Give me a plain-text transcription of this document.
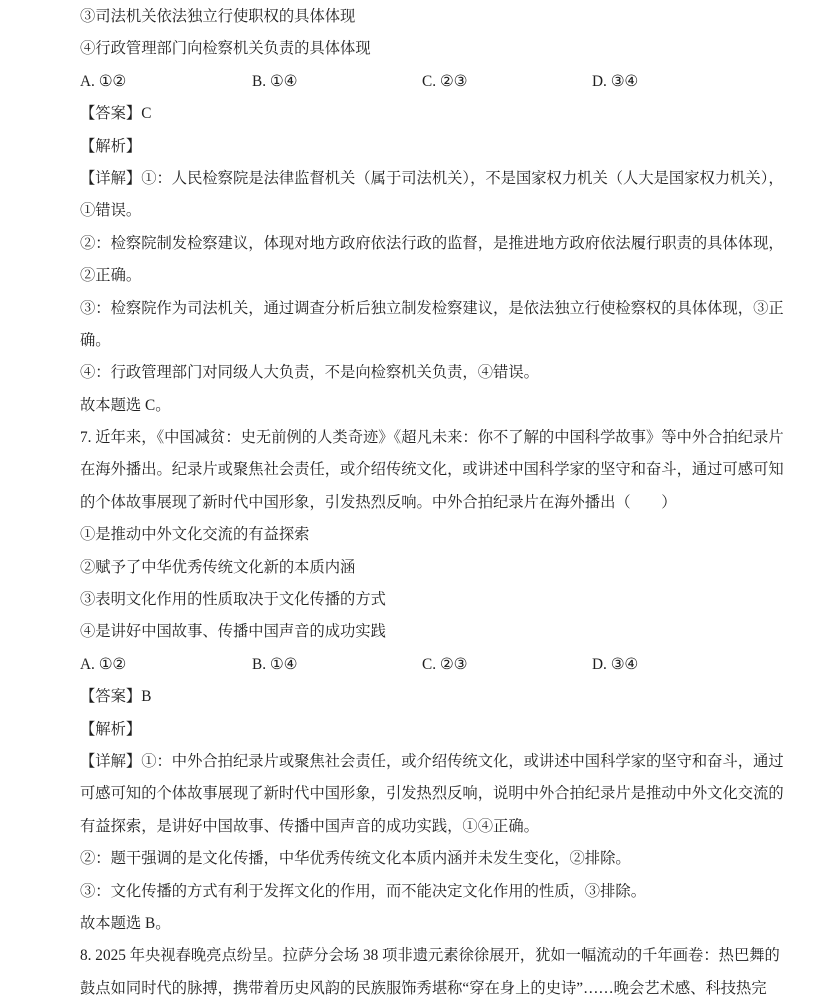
③司法机关依法独立行使职权的具体体现
④行政管理部门向检察机关负责的具体体现
A. ①②	B. ①④	C. ②③	D. ③④
【答案】C
【解析】
【详解】①：人民检察院是法律监督机关（属于司法机关），不是国家权力机关（人大是国家权力机关），
①错误。
②：检察院制发检察建议，体现对地方政府依法行政的监督，是推进地方政府依法履行职责的具体体现，
②正确。
③：检察院作为司法机关，通过调查分析后独立制发检察建议，是依法独立行使检察权的具体体现，③正
确。
④：行政管理部门对同级人大负责，不是向检察机关负责，④错误。
故本题选 C。
7. 近年来，《中国减贫：史无前例的人类奇迹》《超凡未来：你不了解的中国科学故事》等中外合拍纪录片
在海外播出。纪录片或聚焦社会责任，或介绍传统文化，或讲述中国科学家的坚守和奋斗，通过可感可知
的个体故事展现了新时代中国形象，引发热烈反响。中外合拍纪录片在海外播出（　　）
①是推动中外文化交流的有益探索
②赋予了中华优秀传统文化新的本质内涵
③表明文化作用的性质取决于文化传播的方式
④是讲好中国故事、传播中国声音的成功实践
A. ①②	B. ①④	C. ②③	D. ③④
【答案】B
【解析】
【详解】①：中外合拍纪录片或聚焦社会责任，或介绍传统文化，或讲述中国科学家的坚守和奋斗，通过
可感可知的个体故事展现了新时代中国形象，引发热烈反响，说明中外合拍纪录片是推动中外文化交流的
有益探索，是讲好中国故事、传播中国声音的成功实践，①④正确。
②：题干强调的是文化传播，中华优秀传统文化本质内涵并未发生变化，②排除。
③：文化传播的方式有利于发挥文化的作用，而不能决定文化作用的性质，③排除。
故本题选 B。
8. 2025 年央视春晚亮点纷呈。拉萨分会场 38 项非遗元素徐徐展开，犹如一幅流动的千年画卷：热巴舞的
鼓点如同时代的脉搏，携带着历史风韵的民族服饰秀堪称“穿在身上的史诗”……晚会艺术感、科技热完
